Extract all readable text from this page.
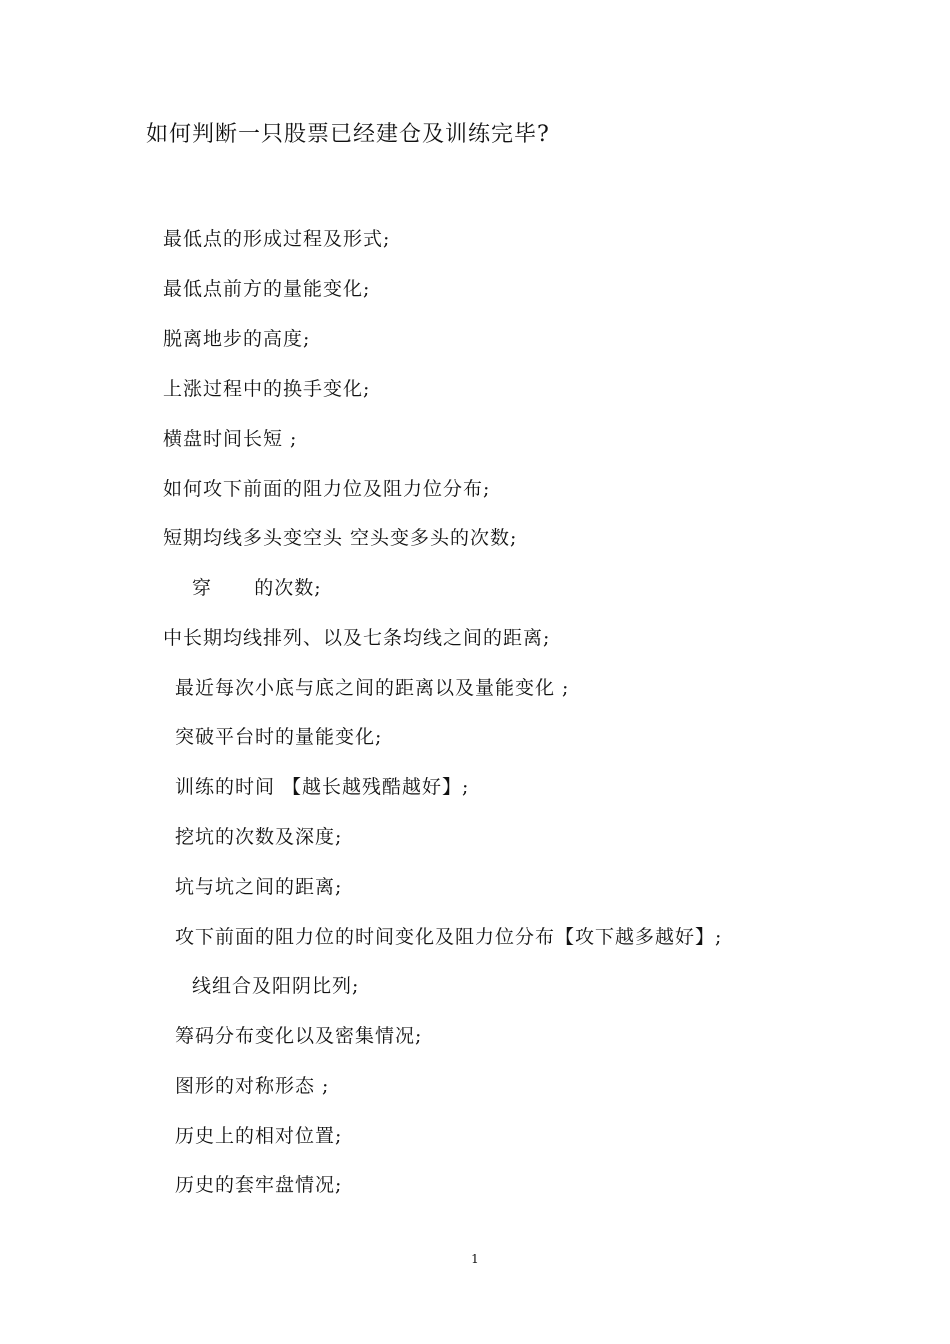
如何判断一只股票已经建仓及训练完毕?
最低点的形成过程及形式;
最低点前方的量能变化;
脱离地步的高度;
上涨过程中的换手变化;
横盘时间长短 ;
如何攻下前面的阻力位及阻力位分布;
短期均线多头变空头 空头变多头的次数;
穿      的次数;
中长期均线排列、以及七条均线之间的距离;
最近每次小底与底之间的距离以及量能变化 ;
突破平台时的量能变化;
训练的时间 【越长越残酷越好】;
挖坑的次数及深度;
坑与坑之间的距离;
攻下前面的阻力位的时间变化及阻力位分布【攻下越多越好】;
线组合及阳阴比列;
筹码分布变化以及密集情况;
图形的对称形态 ;
历史上的相对位置;
历史的套牢盘情况;
1
